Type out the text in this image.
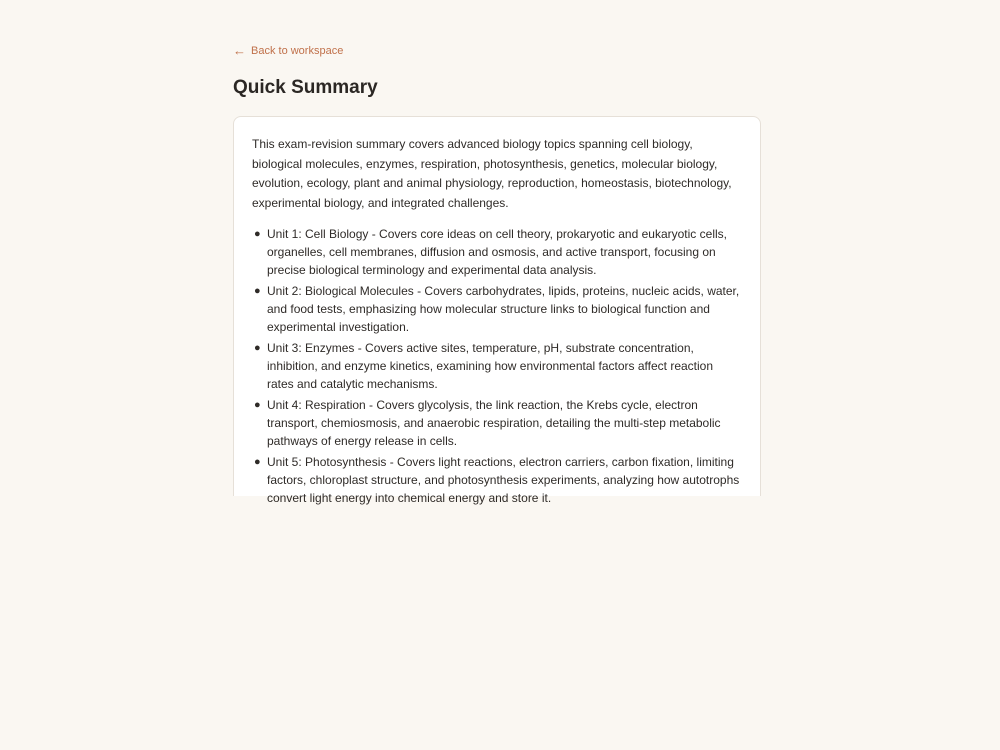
← Back to workspace
Quick Summary

This exam-revision summary covers advanced biology topics spanning cell biology, biological molecules, enzymes, respiration, photosynthesis, genetics, molecular biology, evolution, ecology, plant and animal physiology, reproduction, homeostasis, biotechnology, experimental biology, and integrated challenges.

● Unit 1: Cell Biology - Covers core ideas on cell theory, prokaryotic and eukaryotic cells, organelles, cell membranes, diffusion and osmosis, and active transport, focusing on precise biological terminology and experimental data analysis.
● Unit 2: Biological Molecules - Covers carbohydrates, lipids, proteins, nucleic acids, water, and food tests, emphasizing how molecular structure links to biological function and experimental investigation.
● Unit 3: Enzymes - Covers active sites, temperature, pH, substrate concentration, inhibition, and enzyme kinetics, examining how environmental factors affect reaction rates and catalytic mechanisms.
● Unit 4: Respiration - Covers glycolysis, the link reaction, the Krebs cycle, electron transport, chemiosmosis, and anaerobic respiration, detailing the multi-step metabolic pathways of energy release in cells.
● Unit 5: Photosynthesis - Covers light reactions, electron carriers, carbon fixation, limiting factors, chloroplast structure, and photosynthesis experiments, analyzing how autotrophs convert light energy into chemical energy and store it.
